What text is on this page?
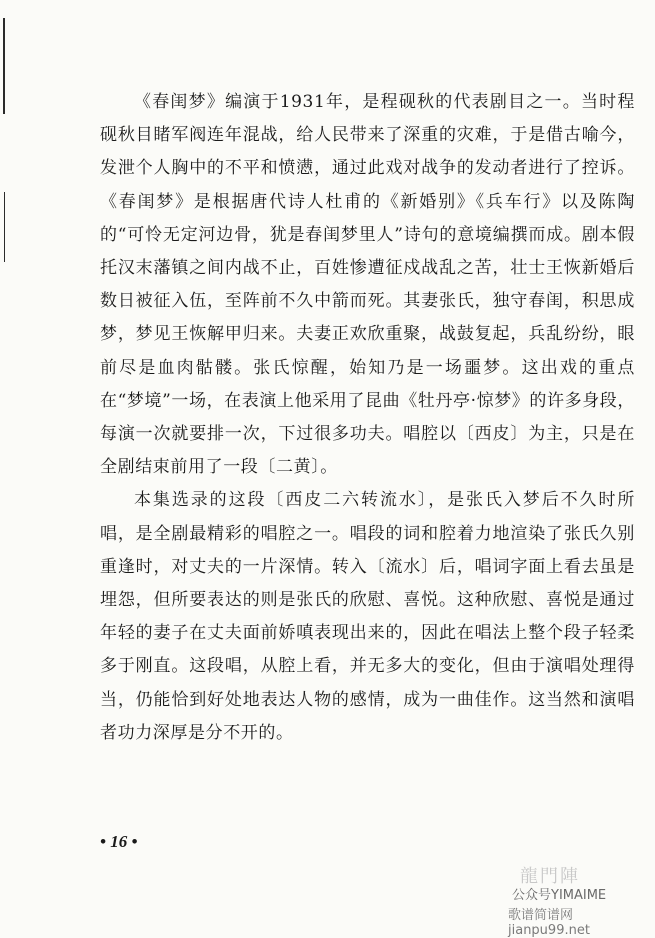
《春闺梦》编演于1931年，是程砚秋的代表剧目之一。当时程砚秋目睹军阀连年混战，给人民带来了深重的灾难，于是借古喻今，发泄个人胸中的不平和愤懑，通过此戏对战争的发动者进行了控诉。《春闺梦》是根据唐代诗人杜甫的《新婚别》《兵车行》以及陈陶的“可怜无定河边骨，犹是春闺梦里人”诗句的意境编撰而成。剧本假托汉末藩镇之间内战不止，百姓惨遭征戍战乱之苦，壮士王恢新婚后数日被征入伍，至阵前不久中箭而死。其妻张氏，独守春闺，积思成梦，梦见王恢解甲归来。夫妻正欢欣重聚，战鼓复起，兵乱纷纷，眼前尽是血肉骷髅。张氏惊醒，始知乃是一场噩梦。这出戏的重点在“梦境”一场，在表演上他采用了昆曲《牡丹亭·惊梦》的许多身段，每演一次就要排一次，下过很多功夫。唱腔以〔西皮〕为主，只是在全剧结束前用了一段〔二黄〕。

本集选录的这段〔西皮二六转流水〕，是张氏入梦后不久时所唱，是全剧最精彩的唱腔之一。唱段的词和腔着力地渲染了张氏久别重逢时，对丈夫的一片深情。转入〔流水〕后，唱词字面上看去虽是埋怨，但所要表达的则是张氏的欣慰、喜悦。这种欣慰、喜悦是通过年轻的妻子在丈夫面前娇嗔表现出来的，因此在唱法上整个段子轻柔多于刚直。这段唱，从腔上看，并无多大的变化，但由于演唱处理得当，仍能恰到好处地表达人物的感情，成为一曲佳作。这当然和演唱者功力深厚是分不开的。

• 16 •
龍門陣
公众号YIMAIME
歌谱简谱网 jianpu99.net
